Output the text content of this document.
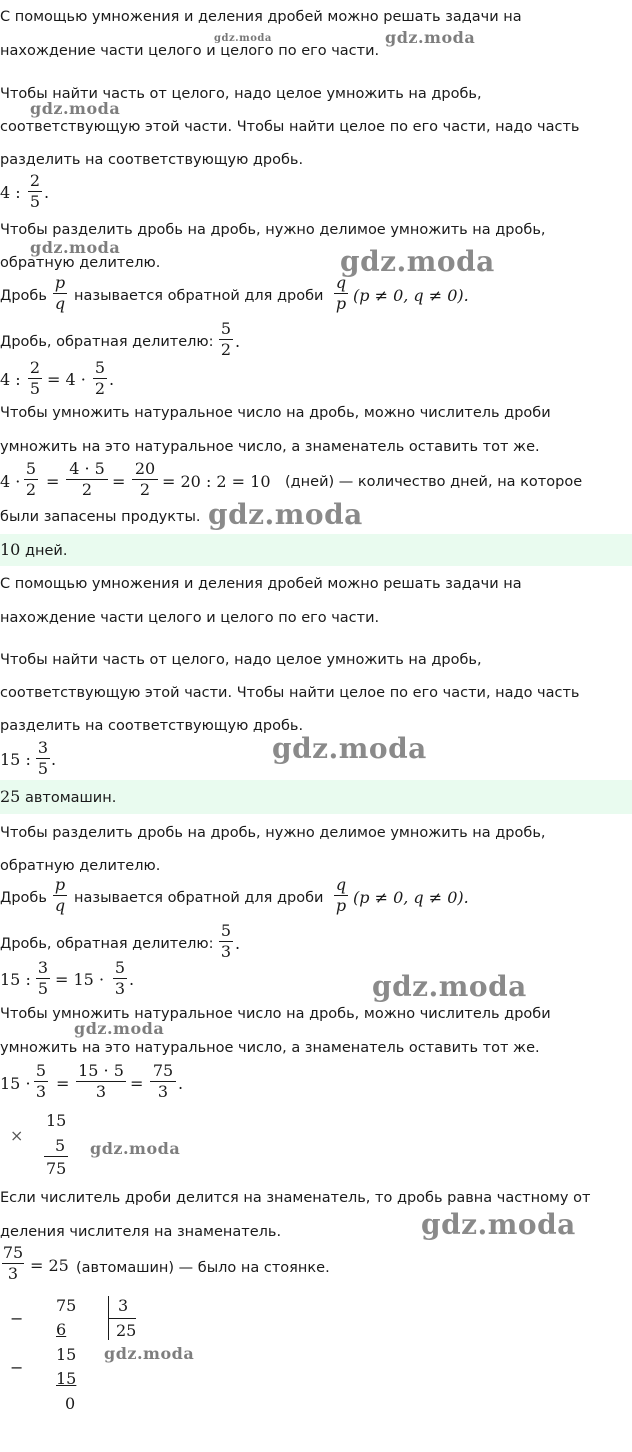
С помощью умножения и деления дробей можно решать задачи на
нахождение части целого и целого по его части.
Чтобы найти часть от целого, надо целое умножить на дробь,
соответствующую этой части. Чтобы найти целое по его части, надо часть
разделить на соответствующую дробь.
4 :
2
5 .
Чтобы разделить дробь на дробь, нужно делимое умножить на дробь,
обратную делителю.
Дробь
p
q называется обратной для дроби
q
p (p ≠ 0, q ≠ 0).
Дробь, обратная делителю:
5
2 .
4 :
2
5 = 4 ·
5
2 .
Чтобы умножить натуральное число на дробь, можно числитель дроби
умножить на это натуральное число, а знаменатель оставить тот же.
4 ·
5
2 =
4 · 5
2	=
20
2 = 20 : 2 = 10 (дней) — количество дней, на которое
были запасены продукты.
10 дней.
С помощью умножения и деления дробей можно решать задачи на
нахождение части целого и целого по его части.
Чтобы найти часть от целого, надо целое умножить на дробь,
соответствующую этой части. Чтобы найти целое по его части, надо часть
разделить на соответствующую дробь.
15 :
3
5 .
25 автомашин.
Чтобы разделить дробь на дробь, нужно делимое умножить на дробь,
обратную делителю.
Дробь
p
q называется обратной для дроби
q
p (p ≠ 0, q ≠ 0).
Дробь, обратная делителю:
5
3 .
15 :
3
5 = 15 ·
5
3 .
Чтобы умножить натуральное число на дробь, можно числитель дроби
умножить на это натуральное число, а знаменатель оставить тот же.
15 ·
5
3 =
15 · 5
3	=
75
3 .
×
15
5
75
Если числитель дроби делится на знаменатель, то дробь равна частному от
деления числителя на знаменатель.
75
3 = 25 (автомашин) — было на стоянке.
−
75	3
6	25
15
−
15
0
gdz.moda	gdz.moda
gdz.moda
gdz.moda	gdz.moda
gdz.moda
gdz.moda
gdz.moda
gdz.moda
gdz.moda
gdz.moda
gdz.moda
